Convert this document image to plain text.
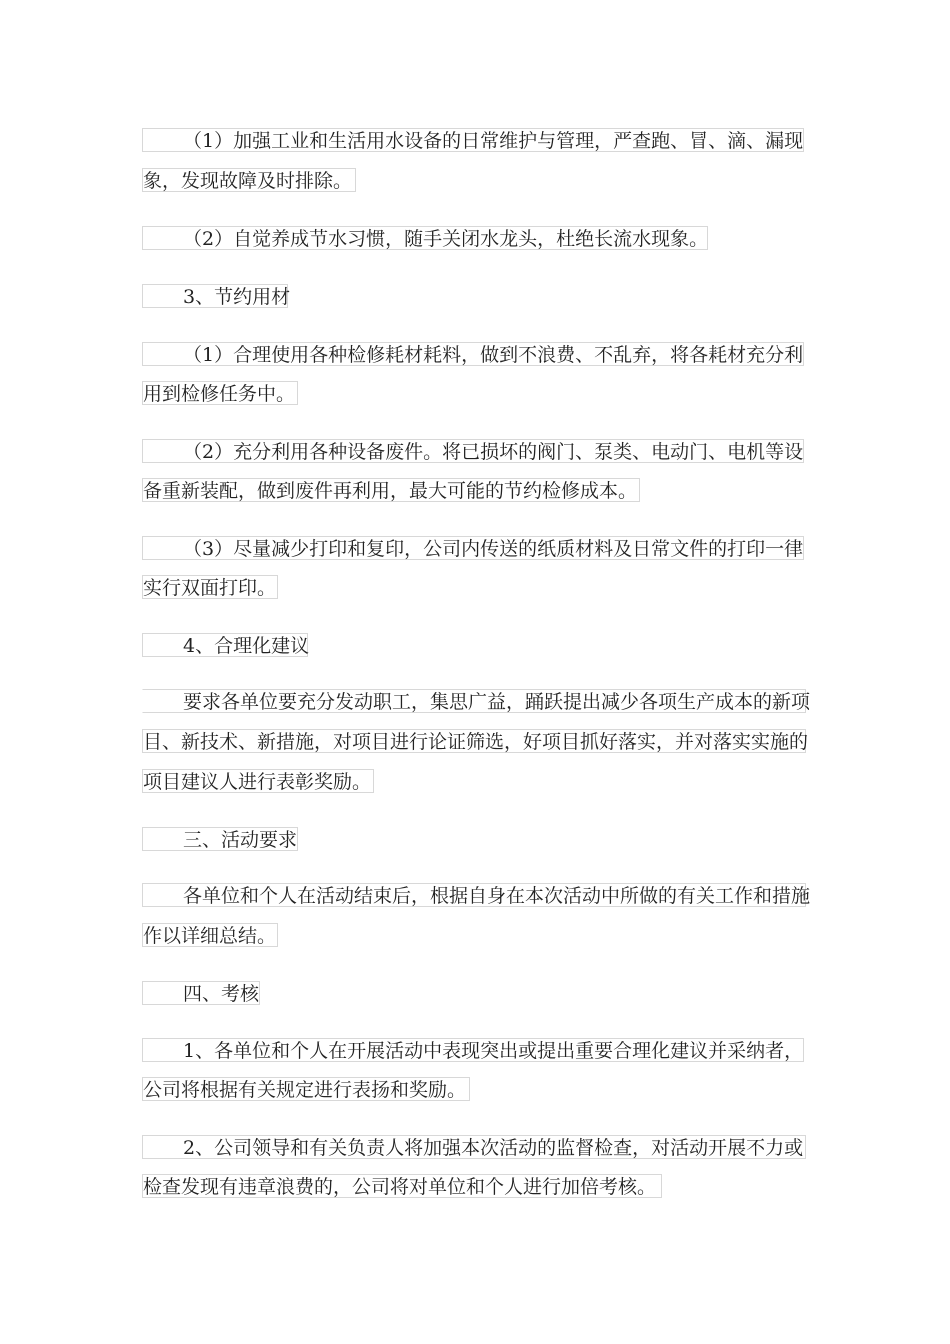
（1）加强工业和生活用水设备的日常维护与管理，严查跑、冒、滴、漏现
象，发现故障及时排除。
（2）自觉养成节水习惯，随手关闭水龙头，杜绝长流水现象。
3、节约用材
（1）合理使用各种检修耗材耗料，做到不浪费、不乱弃，将各耗材充分利
用到检修任务中。
（2）充分利用各种设备废件。将已损坏的阀门、泵类、电动门、电机等设
备重新装配，做到废件再利用，最大可能的节约检修成本。
（3）尽量减少打印和复印，公司内传送的纸质材料及日常文件的打印一律
实行双面打印。
4、合理化建议
要求各单位要充分发动职工，集思广益，踊跃提出减少各项生产成本的新项
目、新技术、新措施，对项目进行论证筛选，好项目抓好落实，并对落实实施的
项目建议人进行表彰奖励。
三、活动要求
各单位和个人在活动结束后，根据自身在本次活动中所做的有关工作和措施
作以详细总结。
四、考核
1、各单位和个人在开展活动中表现突出或提出重要合理化建议并采纳者，
公司将根据有关规定进行表扬和奖励。
2、公司领导和有关负责人将加强本次活动的监督检查，对活动开展不力或
检查发现有违章浪费的，公司将对单位和个人进行加倍考核。
